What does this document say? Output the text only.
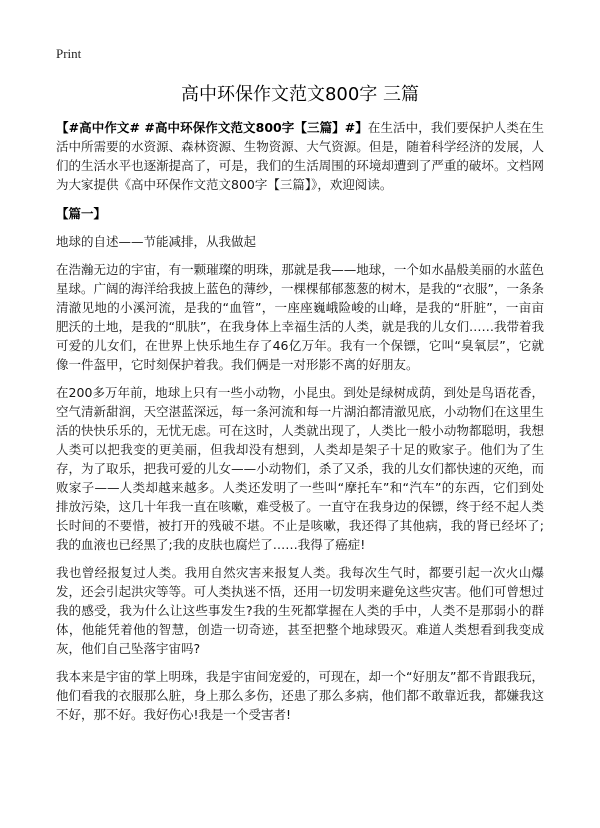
Print
高中环保作文范文800字 三篇

【#高中作文# #高中环保作文范文800字【三篇】#】在生活中，我们要保护人类在生活中所需要的水资源、森林资源、生物资源、大气资源。但是，随着科学经济的发展，人们的生活水平也逐渐提高了，可是，我们的生活周围的环境却遭到了严重的破坏。文档网为大家提供《高中环保作文范文800字【三篇】》，欢迎阅读。

【篇一】

地球的自述——节能减排，从我做起

在浩瀚无边的宇宙，有一颗璀璨的明珠，那就是我——地球，一个如水晶般美丽的水蓝色星球。广阔的海洋给我披上蓝色的薄纱，一棵棵郁郁葱葱的树木，是我的“衣服”，一条条清澈见地的小溪河流，是我的“血管”，一座座巍峨险峻的山峰，是我的“肝脏”，一亩亩肥沃的土地，是我的“肌肤”，在我身体上幸福生活的人类，就是我的儿女们……我带着我可爱的儿女们，在世界上快乐地生存了46亿万年。我有一个保镖，它叫“臭氧层”，它就像一件盔甲，它时刻保护着我。我们俩是一对形影不离的好朋友。

在200多万年前，地球上只有一些小动物，小昆虫。到处是绿树成荫，到处是鸟语花香，空气清新甜润，天空湛蓝深远，每一条河流和每一片湖泊都清澈见底，小动物们在这里生活的快快乐乐的，无忧无虑。可在这时，人类就出现了，人类比一般小动物都聪明，我想人类可以把我变的更美丽，但我却没有想到，人类却是架子十足的败家子。他们为了生存，为了取乐，把我可爱的儿女——小动物们，杀了又杀，我的儿女们都快速的灭绝，而败家子——人类却越来越多。人类还发明了一些叫“摩托车”和“汽车”的东西，它们到处排放污染，这几十年我一直在咳嗽，难受极了。一直守在我身边的保镖，终于经不起人类长时间的不要惜，被打开的残破不堪。不止是咳嗽，我还得了其他病，我的肾已经坏了;我的血液也已经黑了;我的皮肤也腐烂了……我得了癌症!

我也曾经报复过人类。我用自然灾害来报复人类。我每次生气时，都要引起一次火山爆发，还会引起洪灾等等。可人类执迷不悟，还用一切发明来避免这些灾害。他们可曾想过我的感受，我为什么让这些事发生?我的生死都掌握在人类的手中，人类不是那弱小的群体，他能凭着他的智慧，创造一切奇迹，甚至把整个地球毁灭。难道人类想看到我变成灰，他们自己坠落宇宙吗?

我本来是宇宙的掌上明珠，我是宇宙间宠爱的，可现在，却一个“好朋友”都不肯跟我玩，他们看我的衣服那么脏，身上那么多伤，还患了那么多病，他们都不敢靠近我，都嫌我这不好，那不好。我好伤心!我是一个受害者!
